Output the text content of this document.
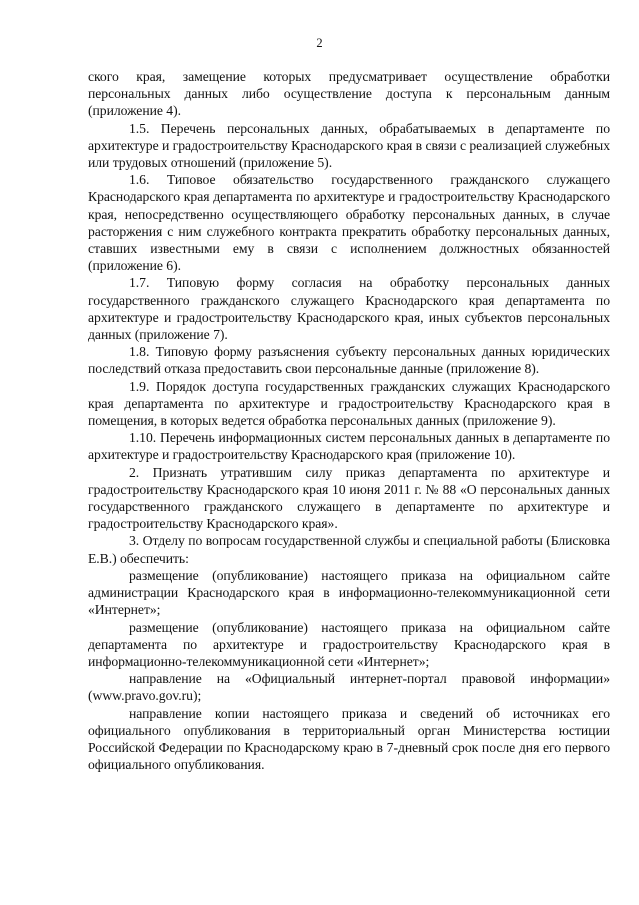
2

ского края, замещение которых предусматривает осуществление обработки персональных данных либо осуществление доступа к персональным данным (приложение 4).

1.5. Перечень персональных данных, обрабатываемых в департаменте по архитектуре и градостроительству Краснодарского края в связи с реализацией служебных или трудовых отношений (приложение 5).

1.6. Типовое обязательство государственного гражданского служащего Краснодарского края департамента по архитектуре и градостроительству Краснодарского края, непосредственно осуществляющего обработку персональных данных, в случае расторжения с ним служебного контракта прекратить обработку персональных данных, ставших известными ему в связи с исполнением должностных обязанностей (приложение 6).

1.7. Типовую форму согласия на обработку персональных данных государственного гражданского служащего Краснодарского края департамента по архитектуре и градостроительству Краснодарского края, иных субъектов персональных данных (приложение 7).

1.8. Типовую форму разъяснения субъекту персональных данных юридических последствий отказа предоставить свои персональные данные (приложение 8).

1.9. Порядок доступа государственных гражданских служащих Краснодарского края департамента по архитектуре и градостроительству Краснодарского края в помещения, в которых ведется обработка персональных данных (приложение 9).

1.10. Перечень информационных систем персональных данных в департаменте по архитектуре и градостроительству Краснодарского края (приложение 10).

2. Признать утратившим силу приказ департамента по архитектуре и градостроительству Краснодарского края 10 июня 2011 г. № 88 «О персональных данных государственного гражданского служащего в департаменте по архитектуре и градостроительству Краснодарского края».

3. Отделу по вопросам государственной службы и специальной работы (Блисковка Е.В.) обеспечить:

размещение (опубликование) настоящего приказа на официальном сайте администрации Краснодарского края в информационно-телекоммуникационной сети «Интернет»;

размещение (опубликование) настоящего приказа на официальном сайте департамента по архитектуре и градостроительству Краснодарского края в информационно-телекоммуникационной сети «Интернет»;

направление на «Официальный интернет-портал правовой информации» (www.pravo.gov.ru);

направление копии настоящего приказа и сведений об источниках его официального опубликования в территориальный орган Министерства юстиции Российской Федерации по Краснодарскому краю в 7-дневный срок после дня его первого официального опубликования.
